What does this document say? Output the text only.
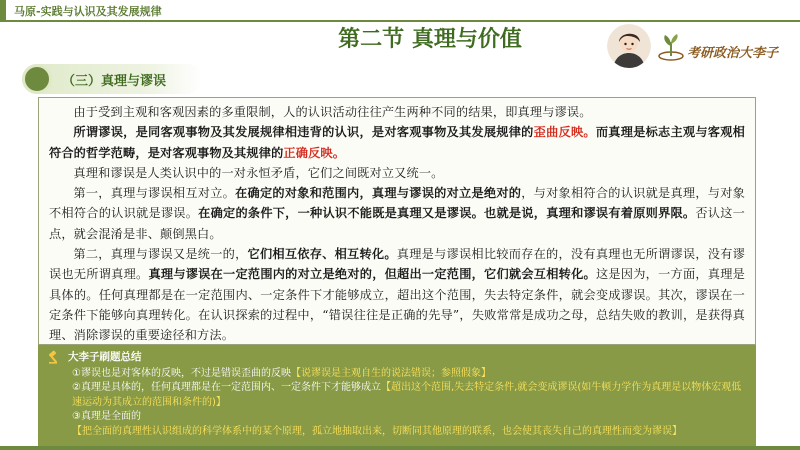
马原-实践与认识及其发展规律
第二节 真理与价值
考研政治大李子
（三）真理与谬误

由于受到主观和客观因素的多重限制，人的认识活动往往产生两种不同的结果，即真理与谬误。

所谓谬误，是同客观事物及其发展规律相违背的认识，是对客观事物及其发展规律的歪曲反映。而真理是标志主观与客观相符合的哲学范畴，是对客观事物及其规律的正确反映。

真理和谬误是人类认识中的一对永恒矛盾，它们之间既对立又统一。

第一，真理与谬误相互对立。在确定的对象和范围内，真理与谬误的对立是绝对的，与对象相符合的认识就是真理，与对象不相符合的认识就是谬误。在确定的条件下，一种认识不能既是真理又是谬误。也就是说，真理和谬误有着原则界限。否认这一点，就会混淆是非、颠倒黑白。

第二，真理与谬误又是统一的，它们相互依存、相互转化。真理是与谬误相比较而存在的，没有真理也无所谓谬误，没有谬误也无所谓真理。真理与谬误在一定范围内的对立是绝对的，但超出一定范围，它们就会互相转化。这是因为，一方面，真理是具体的。任何真理都是在一定范围内、一定条件下才能够成立，超出这个范围，失去特定条件，就会变成谬误。其次，谬误在一定条件下能够向真理转化。在认识探索的过程中，“错误往往是正确的先导”，失败常常是成功之母，总结失败的教训，是获得真理、消除谬误的重要途径和方法。

大李子刷题总结
①谬误也是对客体的反映，不过是错误歪曲的反映【说谬误是主观自生的说法错误；参照假象】
②真理是具体的，任何真理都是在一定范围内、一定条件下才能够成立【超出这个范围,失去特定条件,就会变成谬误(如牛顿力学作为真理是以物体宏观低速运动为其成立的范围和条件的)】
③真理是全面的【把全面的真理性认识组成的科学体系中的某个原理，孤立地抽取出来，切断同其他原理的联系，也会使其丧失自己的真理性而变为谬误】
